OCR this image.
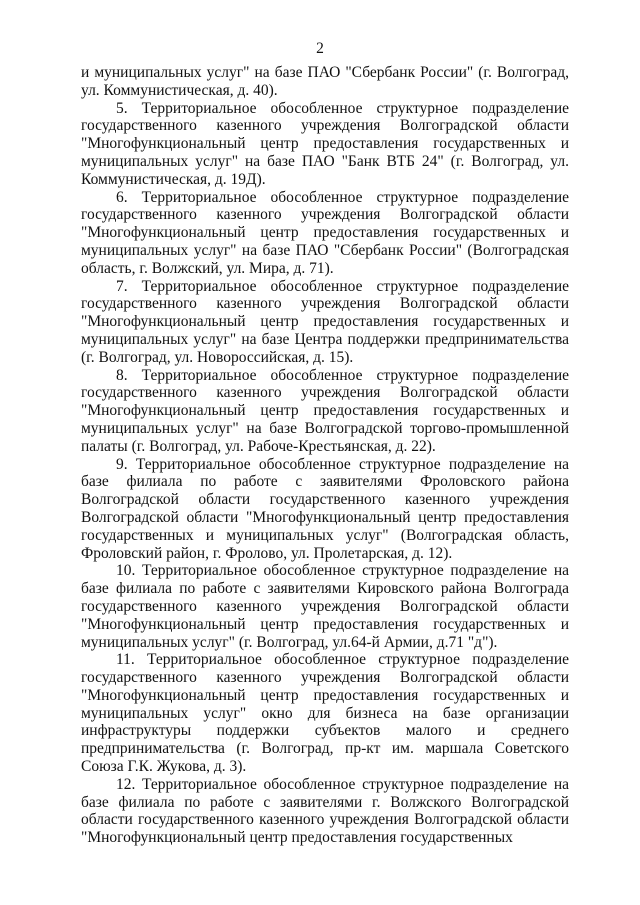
2

и муниципальных услуг" на базе ПАО "Сбербанк России" (г. Волгоград, ул. Коммунистическая, д. 40).

5. Территориальное обособленное структурное подразделение государственного казенного учреждения Волгоградской области "Многофункциональный центр предоставления государственных и муниципальных услуг" на базе ПАО "Банк ВТБ 24" (г. Волгоград, ул. Коммунистическая, д. 19Д).

6. Территориальное обособленное структурное подразделение государственного казенного учреждения Волгоградской области "Многофункциональный центр предоставления государственных и муниципальных услуг" на базе ПАО "Сбербанк России" (Волгоградская область, г. Волжский, ул. Мира, д. 71).

7. Территориальное обособленное структурное подразделение государственного казенного учреждения Волгоградской области "Многофункциональный центр предоставления государственных и муниципальных услуг" на базе Центра поддержки предпринимательства (г. Волгоград, ул. Новороссийская, д. 15).

8. Территориальное обособленное структурное подразделение государственного казенного учреждения Волгоградской области "Многофункциональный центр предоставления государственных и муниципальных услуг" на базе Волгоградской торгово-промышленной палаты (г. Волгоград, ул. Рабоче-Крестьянская, д. 22).

9. Территориальное обособленное структурное подразделение на базе филиала по работе с заявителями Фроловского района Волгоградской области государственного казенного учреждения Волгоградской области "Многофункциональный центр предоставления государственных и муниципальных услуг" (Волгоградская область, Фроловский район, г. Фролово, ул. Пролетарская, д. 12).

10. Территориальное обособленное структурное подразделение на базе филиала по работе с заявителями Кировского района Волгограда государственного казенного учреждения Волгоградской области "Многофункциональный центр предоставления государственных и муниципальных услуг" (г. Волгоград, ул.64-й Армии, д.71 "д").

11. Территориальное обособленное структурное подразделение государственного казенного учреждения Волгоградской области "Многофункциональный центр предоставления государственных и муниципальных услуг" окно для бизнеса на базе организации инфраструктуры поддержки субъектов малого и среднего предпринимательства (г. Волгоград, пр-кт им. маршала Советского Союза Г.К. Жукова, д. 3).

12. Территориальное обособленное структурное подразделение на базе филиала по работе с заявителями г. Волжского Волгоградской области государственного казенного учреждения Волгоградской области "Многофункциональный центр предоставления государственных
